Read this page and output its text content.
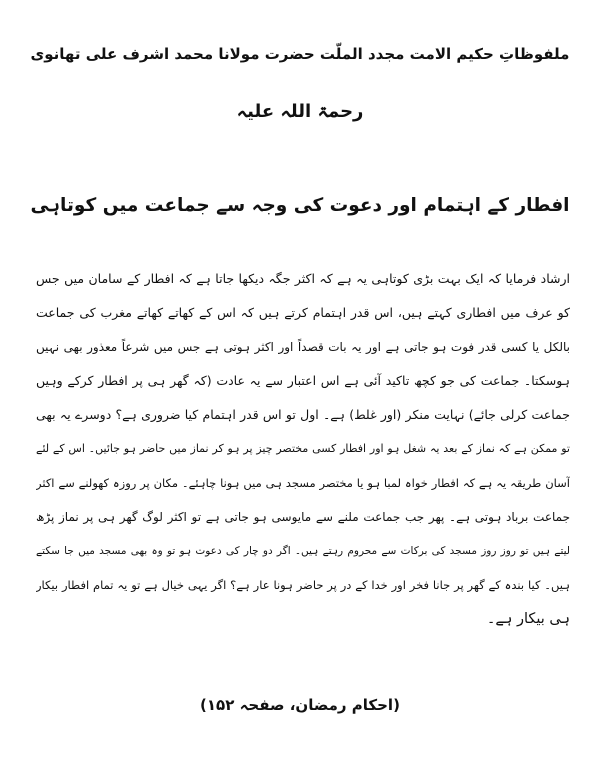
ملفوظاتِ حکیم الامت مجدد الملّت حضرت مولانا محمد اشرف علی تھانوی
رحمۃ اللہ علیہ
افطار کے اہتمام اور دعوت کی وجہ سے جماعت میں کوتاہی
ارشاد فرمایا کہ ایک بہت بڑی کوتاہی یہ ہے کہ اکثر جگہ دیکھا جاتا ہے کہ افطار کے سامان میں جس
کو عرف میں افطاری کہتے ہیں، اس قدر اہتمام کرتے ہیں کہ اس کے کھاتے کھاتے مغرب کی جماعت
بالکل یا کسی قدر فوت ہو جاتی ہے اور یہ بات قصداً اور اکثر ہوتی ہے جس میں شرعاً معذور بھی نہیں
ہوسکتا۔ جماعت کی جو کچھ تاکید آئی ہے اس اعتبار سے یہ عادت (کہ گھر ہی پر افطار کرکے وہیں
جماعت کرلی جائے) نہایت منکر (اور غلط) ہے۔ اول تو اس قدر اہتمام کیا ضروری ہے؟ دوسرے یہ بھی
تو ممکن ہے کہ نماز کے بعد یہ شغل ہو اور افطار کسی مختصر چیز پر ہو کر نماز میں حاضر ہو جائیں۔ اس کے لئے
آسان طریقہ یہ ہے کہ افطار خواہ لمبا ہو یا مختصر مسجد ہی میں ہونا چاہئے۔ مکان پر روزہ کھولنے سے اکثر
جماعت برباد ہوتی ہے۔ پھر جب جماعت ملنے سے مایوسی ہو جاتی ہے تو اکثر لوگ گھر ہی پر نماز پڑھ
لیتے ہیں تو روز روز مسجد کی برکات سے محروم رہتے ہیں۔ اگر دو چار کی دعوت ہو تو وہ بھی مسجد میں جا سکتے
ہیں۔ کیا بندہ کے گھر پر جانا فخر اور خدا کے در پر حاضر ہونا عار ہے؟ اگر یہی خیال ہے تو یہ تمام افطار بیکار
ہی بیکار ہے۔
(احکام رمضان، صفحہ ۱۵۲)
